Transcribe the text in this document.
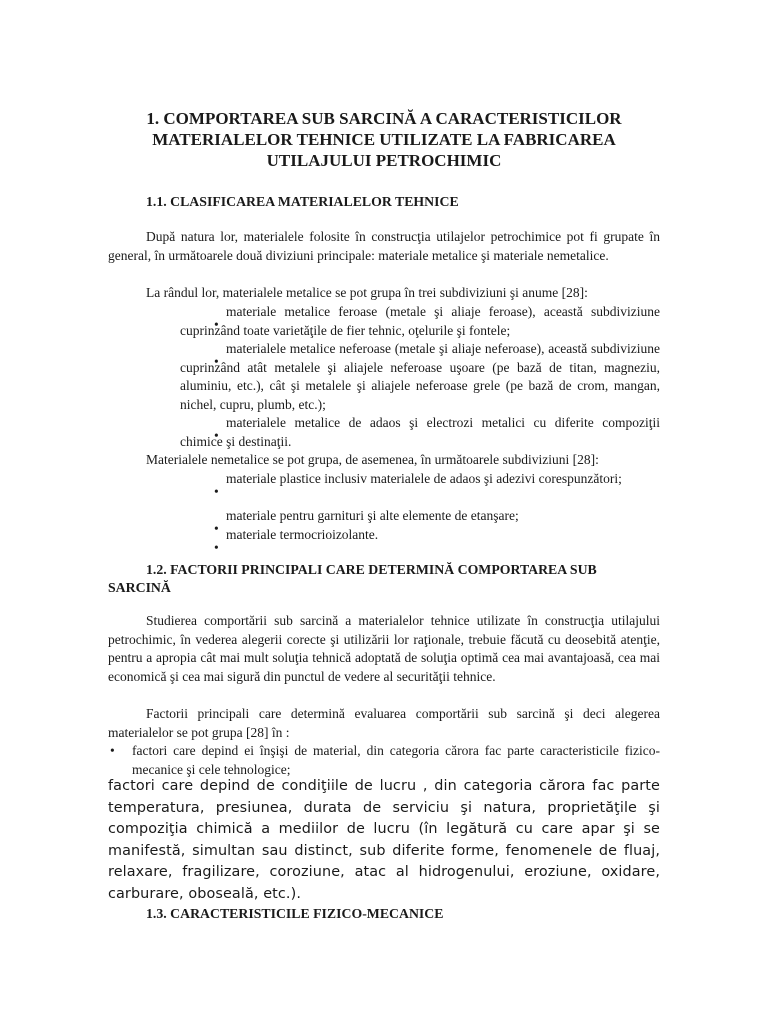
1. COMPORTAREA SUB SARCINĂ A CARACTERISTICILOR MATERIALELOR TEHNICE UTILIZATE LA FABRICAREA UTILAJULUI PETROCHIMIC
1.1. CLASIFICAREA MATERIALELOR TEHNICE
După natura lor, materialele folosite în construcţia utilajelor petrochimice pot fi grupate în general, în următoarele două diviziuni principale: materiale metalice şi materiale nemetalice.
La rândul lor, materialele metalice se pot grupa în trei subdiviziuni şi anume [28]:
materiale metalice feroase (metale şi aliaje feroase), această subdiviziune cuprinzând toate varietăţile de fier tehnic, oţelurile şi fontele;
materialele metalice neferoase (metale şi aliaje neferoase), această subdiviziune cuprinzând atât metalele şi aliajele neferoase uşoare (pe bază de titan, magneziu, aluminiu, etc.), cât şi metalele şi aliajele neferoase grele (pe bază de crom, mangan, nichel, cupru, plumb, etc.);
materialele metalice de adaos şi electrozi metalici cu diferite compoziţii chimice şi destinaţii.
Materialele nemetalice se pot grupa, de asemenea, în următoarele subdiviziuni [28]:
materiale plastice inclusiv materialele de adaos şi adezivi corespunzători;
materiale pentru garnituri şi alte elemente de etanşare;
materiale termocrioizolante.
1.2. FACTORII PRINCIPALI CARE DETERMINĂ COMPORTAREA SUB SARCINĂ
Studierea comportării sub sarcină a materialelor tehnice utilizate în construcţia utilajului petrochimic, în vederea alegerii corecte şi utilizării lor raţionale, trebuie făcută cu deosebită atenţie, pentru a apropia cât mai mult soluţia tehnică adoptată de soluţia optimă cea mai avantajoasă, cea mai economică şi cea mai sigură din punctul de vedere al securităţii tehnice.
Factorii principali care determină evaluarea comportării sub sarcină şi deci alegerea materialelor se pot grupa [28] în :
• factori care depind ei înşişi de material, din categoria cărora fac parte caracteristicile fizico-mecanice şi cele tehnologice;
factori care depind de condiţiile de lucru , din categoria cărora fac parte temperatura, presiunea, durata de serviciu şi natura, proprietăţile şi compoziţia chimică a mediilor de lucru (în legătură cu care apar şi se manifestă, simultan sau distinct, sub diferite forme, fenomenele de fluaj, relaxare, fragilizare, coroziune, atac al hidrogenului, eroziune, oxidare, carburare, oboseală, etc.).
1.3. CARACTERISTICILE FIZICO-MECANICE
